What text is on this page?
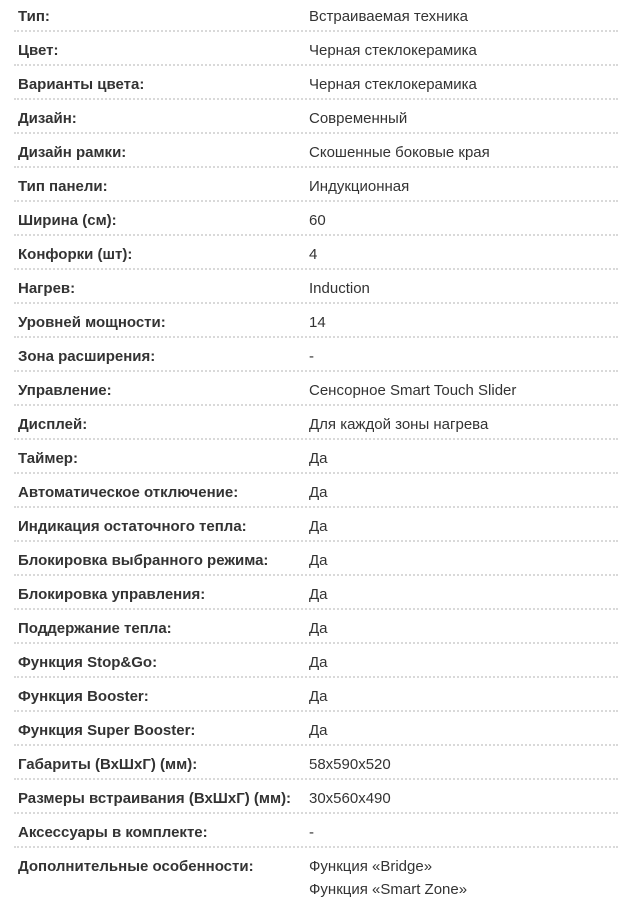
Тип:	Встраиваемая техника
Цвет:	Черная стеклокерамика
Варианты цвета:	Черная стеклокерамика
Дизайн:	Современный
Дизайн рамки:	Скошенные боковые края
Тип панели:	Индукционная
Ширина (см):	60
Конфорки (шт):	4
Нагрев:	Induction
Уровней мощности:	14
Зона расширения:	-
Управление:	Сенсорное Smart Touch Slider
Дисплей:	Для каждой зоны нагрева
Таймер:	Да
Автоматическое отключение:	Да
Индикация остаточного тепла:	Да
Блокировка выбранного режима:	Да
Блокировка управления:	Да
Поддержание тепла:	Да
Функция Stop&Go:	Да
Функция Booster:	Да
Функция Super Booster:	Да
Габариты (ВхШхГ) (мм):	58x590x520
Размеры встраивания (ВхШхГ) (мм):	30x560x490
Аксессуары в комплекте:	-
Дополнительные особенности:	Функция «Bridge»
Функция «Smart Zone»
